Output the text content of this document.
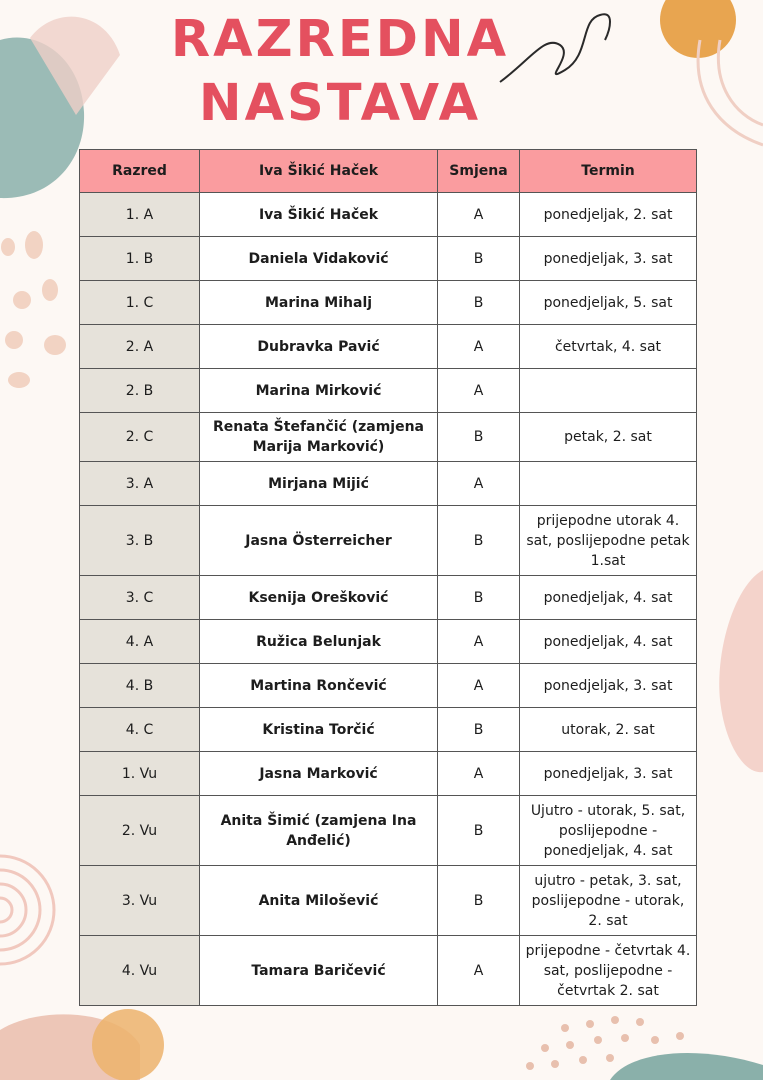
RAZREDNA
NASTAVA
Razred	Iva Šikić Haček	Smjena	Termin
1. A	Iva Šikić Haček	A	ponedjeljak, 2. sat
1. B	Daniela Vidaković	B	ponedjeljak, 3. sat
1. C	Marina Mihalj	B	ponedjeljak, 5. sat
2. A	Dubravka Pavić	A	četvrtak, 4. sat
2. B	Marina Mirković	A	
2. C	Renata Štefančić (zamjena Marija Marković)	B	petak, 2. sat
3. A	Mirjana Mijić	A	
3. B	Jasna Österreicher	B	prijepodne utorak 4. sat, poslijepodne petak 1.sat
3. C	Ksenija Orešković	B	ponedjeljak, 4. sat
4. A	Ružica Belunjak	A	ponedjeljak, 4. sat
4. B	Martina Rončević	A	ponedjeljak, 3. sat
4. C	Kristina Torčić	B	utorak, 2. sat
1. Vu	Jasna Marković	A	ponedjeljak, 3. sat
2. Vu	Anita Šimić (zamjena Ina Anđelić)	B	Ujutro - utorak, 5. sat, poslijepodne - ponedjeljak, 4. sat
3. Vu	Anita Milošević	B	ujutro - petak, 3. sat, poslijepodne - utorak, 2. sat
4. Vu	Tamara Baričević	A	prijepodne - četvrtak 4. sat, poslijepodne - četvrtak 2. sat
